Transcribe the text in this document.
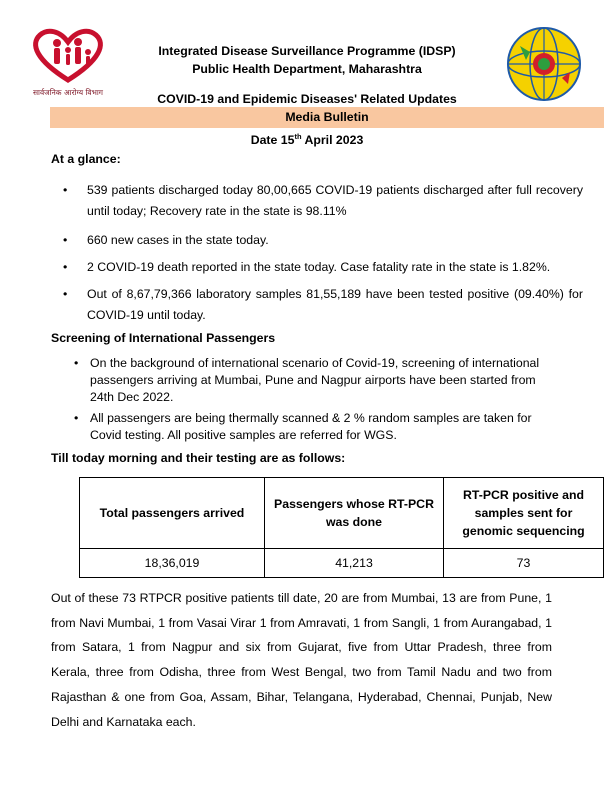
सार्वजनिक आरोग्य विभाग
Integrated Disease Surveillance Programme (IDSP)
Public Health Department, Maharashtra
COVID-19 and Epidemic Diseases' Related Updates
Media Bulletin
Date 15th April 2023
At a glance:
• 539 patients discharged today 80,00,665 COVID-19 patients discharged after full recovery until today; Recovery rate in the state is 98.11%
• 660 new cases in the state today.
• 2 COVID-19 death reported in the state today. Case fatality rate in the state is 1.82%.
• Out of 8,67,79,366 laboratory samples 81,55,189 have been tested positive (09.40%) for COVID-19 until today.
Screening of International Passengers
• On the background of international scenario of Covid-19, screening of international passengers arriving at Mumbai, Pune and Nagpur airports have been started from 24th Dec 2022.
• All passengers are being thermally scanned & 2 % random samples are taken for Covid testing. All positive samples are referred for WGS.
Till today morning and their testing are as follows:
Total passengers arrived	Passengers whose RT-PCR was done	RT-PCR positive and samples sent for genomic sequencing
18,36,019	41,213	73
Out of these 73 RTPCR positive patients till date, 20 are from Mumbai, 13 are from Pune, 1 from Navi Mumbai, 1 from Vasai Virar 1 from Amravati, 1 from Sangli, 1 from Aurangabad, 1 from Satara, 1 from Nagpur and six from Gujarat, five from Uttar Pradesh, three from Kerala, three from Odisha, three from West Bengal, two from Tamil Nadu and two from Rajasthan & one from Goa, Assam, Bihar, Telangana, Hyderabad, Chennai, Punjab, New Delhi and Karnataka each.
